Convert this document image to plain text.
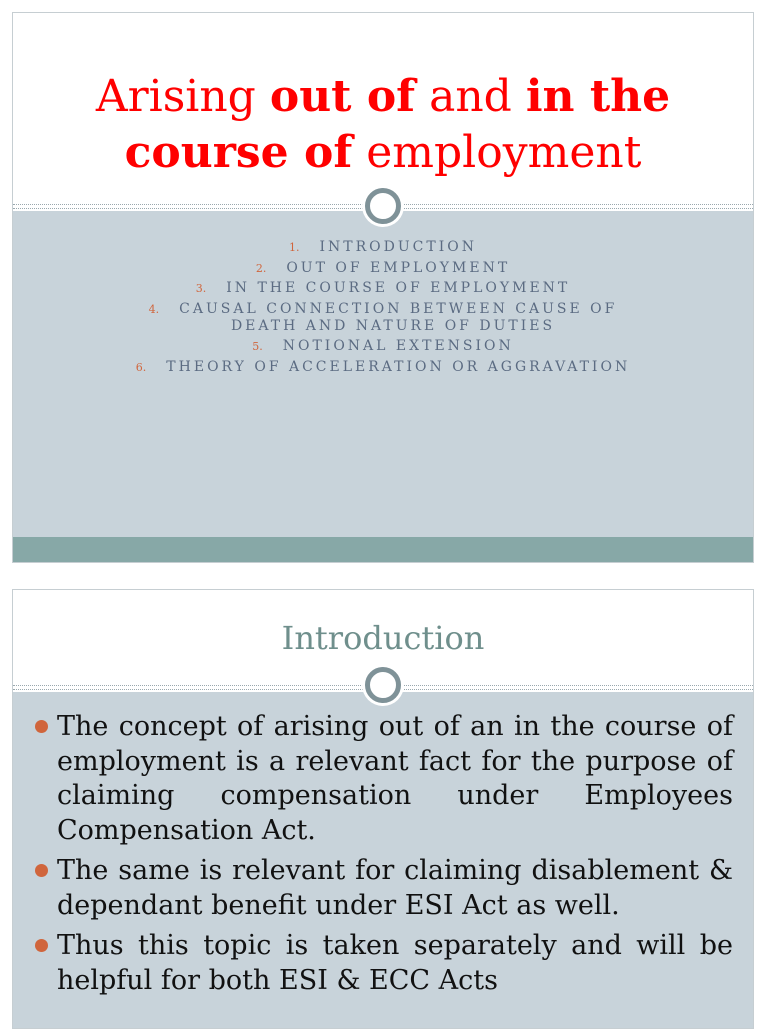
Arising out of and in the
course of employment
1. INTRODUCTION
2. OUT OF EMPLOYMENT
3. IN THE COURSE OF EMPLOYMENT
4. CAUSAL CONNECTION BETWEEN CAUSE OF
DEATH AND NATURE OF DUTIES
5. NOTIONAL EXTENSION
6. THEORY OF ACCELERATION OR AGGRAVATION
Introduction
The concept of arising out of an in the course of employment is a relevant fact for the purpose of claiming compensation under Employees Compensation Act.
The same is relevant for claiming disablement & dependant benefit under ESI Act as well.
Thus this topic is taken separately and will be helpful for both ESI & ECC Acts
